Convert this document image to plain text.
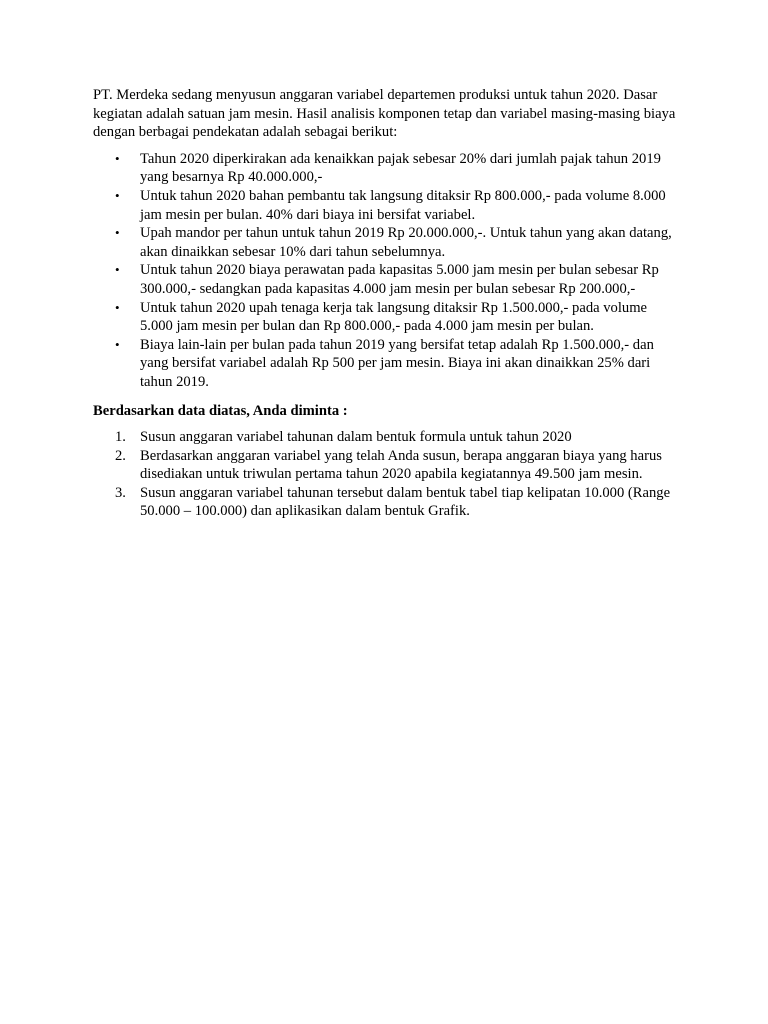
PT. Merdeka sedang menyusun anggaran variabel departemen produksi untuk tahun 2020. Dasar kegiatan adalah satuan jam mesin. Hasil analisis komponen tetap dan variabel masing-masing biaya dengan berbagai pendekatan adalah sebagai berikut:

• Tahun 2020 diperkirakan ada kenaikkan pajak sebesar 20% dari jumlah pajak tahun 2019 yang besarnya Rp 40.000.000,-
• Untuk tahun 2020 bahan pembantu tak langsung ditaksir Rp 800.000,- pada volume 8.000 jam mesin per bulan. 40% dari biaya ini bersifat variabel.
• Upah mandor per tahun untuk tahun 2019 Rp 20.000.000,-. Untuk tahun yang akan datang, akan dinaikkan sebesar 10% dari tahun sebelumnya.
• Untuk tahun 2020 biaya perawatan pada kapasitas 5.000 jam mesin per bulan sebesar Rp 300.000,- sedangkan pada kapasitas 4.000 jam mesin per bulan sebesar Rp 200.000,-
• Untuk tahun 2020 upah tenaga kerja tak langsung ditaksir Rp 1.500.000,- pada volume 5.000 jam mesin per bulan dan Rp 800.000,- pada 4.000 jam mesin per bulan.
• Biaya lain-lain per bulan pada tahun 2019 yang bersifat tetap adalah Rp 1.500.000,- dan yang bersifat variabel adalah Rp 500 per jam mesin. Biaya ini akan dinaikkan 25% dari tahun 2019.

Berdasarkan data diatas, Anda diminta :

1. Susun anggaran variabel tahunan dalam bentuk formula untuk tahun 2020
2. Berdasarkan anggaran variabel yang telah Anda susun, berapa anggaran biaya yang harus disediakan untuk triwulan pertama tahun 2020 apabila kegiatannya 49.500 jam mesin.
3. Susun anggaran variabel tahunan tersebut dalam bentuk tabel tiap kelipatan 10.000 (Range 50.000 – 100.000) dan aplikasikan dalam bentuk Grafik.
